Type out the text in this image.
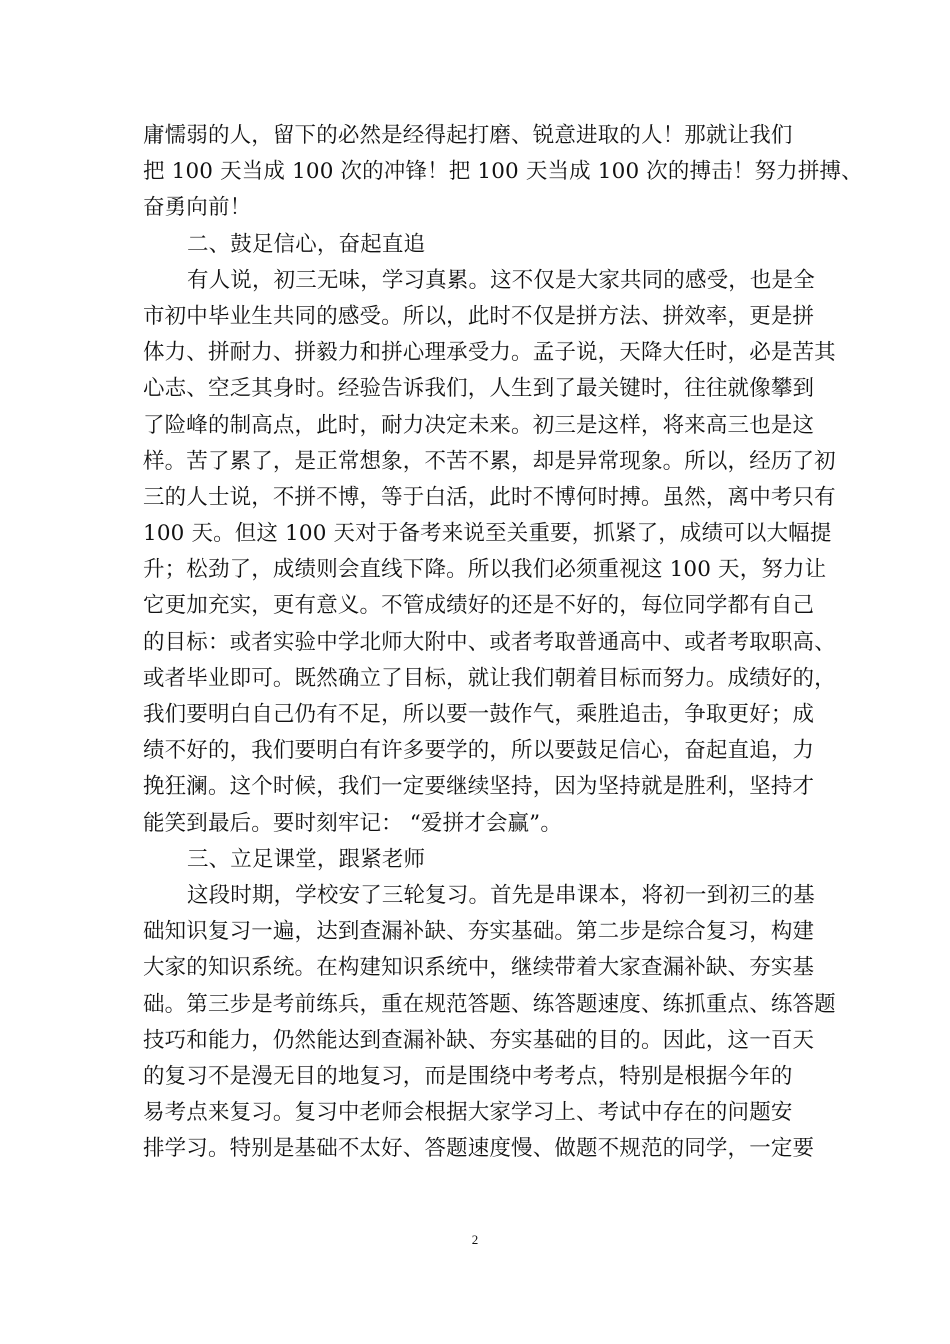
庸懦弱的人，留下的必然是经得起打磨、锐意进取的人！那就让我们
把 100 天当成 100 次的冲锋！把 100 天当成 100 次的搏击！努力拼搏、
奋勇向前！
二、鼓足信心，奋起直追
有人说，初三无味，学习真累。这不仅是大家共同的感受，也是全
市初中毕业生共同的感受。所以，此时不仅是拼方法、拼效率，更是拼
体力、拼耐力、拼毅力和拼心理承受力。孟子说，天降大任时，必是苦其
心志、空乏其身时。经验告诉我们，人生到了最关键时，往往就像攀到
了险峰的制高点，此时，耐力决定未来。初三是这样，将来高三也是这
样。苦了累了，是正常想象，不苦不累，却是异常现象。所以，经历了初
三的人士说，不拼不博，等于白活，此时不博何时搏。虽然，离中考只有
100 天。但这 100 天对于备考来说至关重要，抓紧了，成绩可以大幅提
升；松劲了，成绩则会直线下降。所以我们必须重视这 100 天，努力让
它更加充实，更有意义。不管成绩好的还是不好的，每位同学都有自己
的目标：或者实验中学北师大附中、或者考取普通高中、或者考取职高、
或者毕业即可。既然确立了目标，就让我们朝着目标而努力。成绩好的，
我们要明白自己仍有不足，所以要一鼓作气，乘胜追击，争取更好；成
绩不好的，我们要明白有许多要学的，所以要鼓足信心，奋起直追，力
挽狂澜。这个时候，我们一定要继续坚持，因为坚持就是胜利，坚持才
能笑到最后。要时刻牢记： “爱拼才会赢”。
三、立足课堂，跟紧老师
这段时期，学校安了三轮复习。首先是串课本，将初一到初三的基
础知识复习一遍，达到查漏补缺、夯实基础。第二步是综合复习，构建
大家的知识系统。在构建知识系统中，继续带着大家查漏补缺、夯实基
础。第三步是考前练兵，重在规范答题、练答题速度、练抓重点、练答题
技巧和能力，仍然能达到查漏补缺、夯实基础的目的。因此，这一百天
的复习不是漫无目的地复习，而是围绕中考考点，特别是根据今年的
易考点来复习。复习中老师会根据大家学习上、考试中存在的问题安
排学习。特别是基础不太好、答题速度慢、做题不规范的同学，一定要
2
